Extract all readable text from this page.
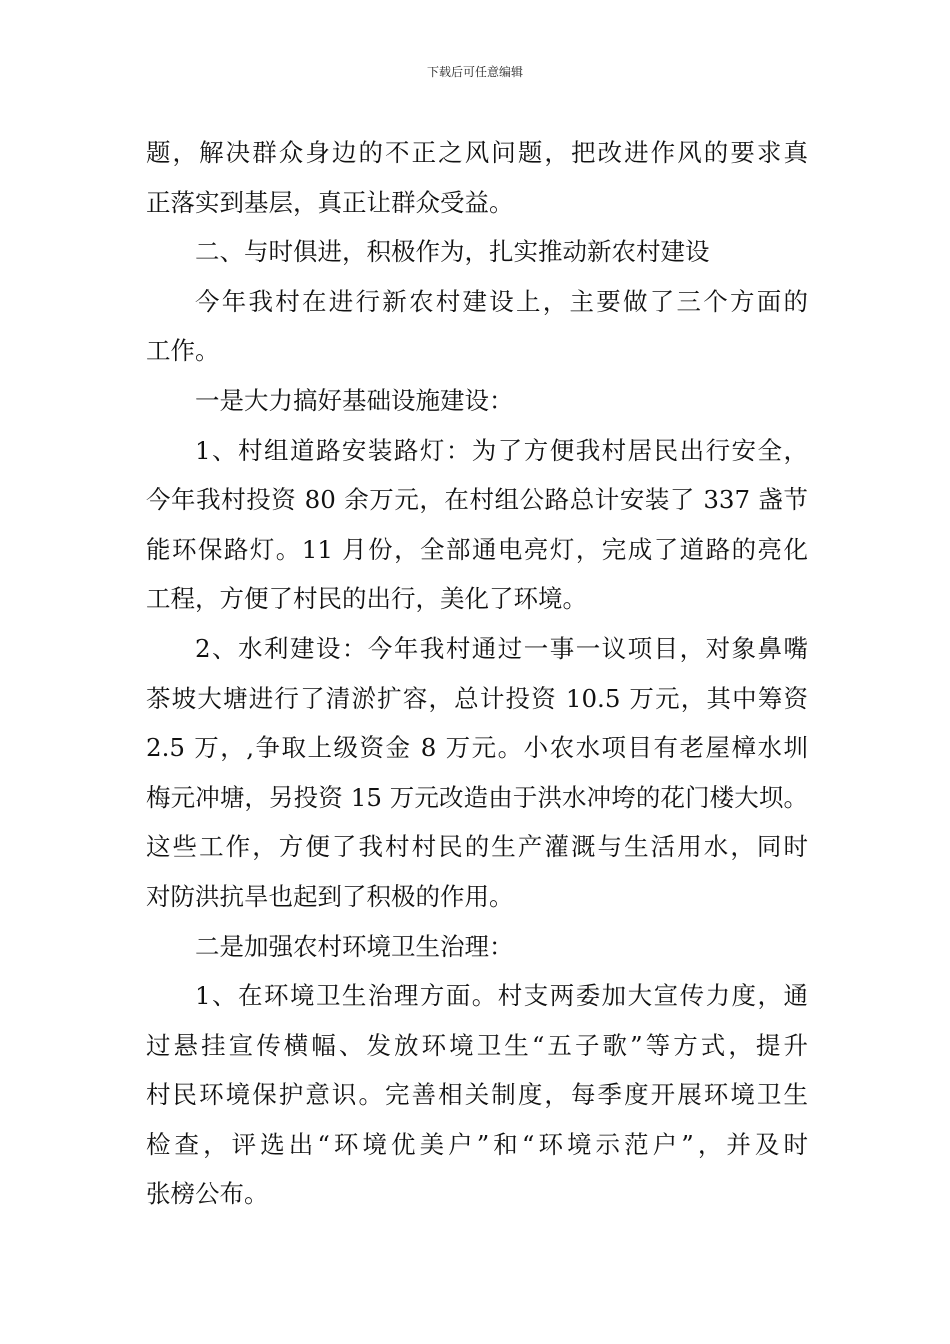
下载后可任意编辑
题，解决群众身边的不正之风问题，把改进作风的要求真
正落实到基层，真正让群众受益。
二、与时俱进，积极作为，扎实推动新农村建设
今年我村在进行新农村建设上，主要做了三个方面的
工作。
一是大力搞好基础设施建设：
1、村组道路安装路灯：为了方便我村居民出行安全，
今年我村投资 80 余万元，在村组公路总计安装了 337 盏节
能环保路灯。11 月份，全部通电亮灯，完成了道路的亮化
工程，方便了村民的出行，美化了环境。
2、水利建设：今年我村通过一事一议项目，对象鼻嘴
茶坡大塘进行了清淤扩容，总计投资 10.5 万元，其中筹资
2.5 万，,争取上级资金 8 万元。小农水项目有老屋樟水圳
梅元冲塘，另投资 15 万元改造由于洪水冲垮的花门楼大坝。
这些工作，方便了我村村民的生产灌溉与生活用水，同时
对防洪抗旱也起到了积极的作用。
二是加强农村环境卫生治理：
1、在环境卫生治理方面。村支两委加大宣传力度，通
过悬挂宣传横幅、发放环境卫生“五子歌”等方式，提升
村民环境保护意识。完善相关制度，每季度开展环境卫生
检查，评选出“环境优美户”和“环境示范户”，并及时
张榜公布。
